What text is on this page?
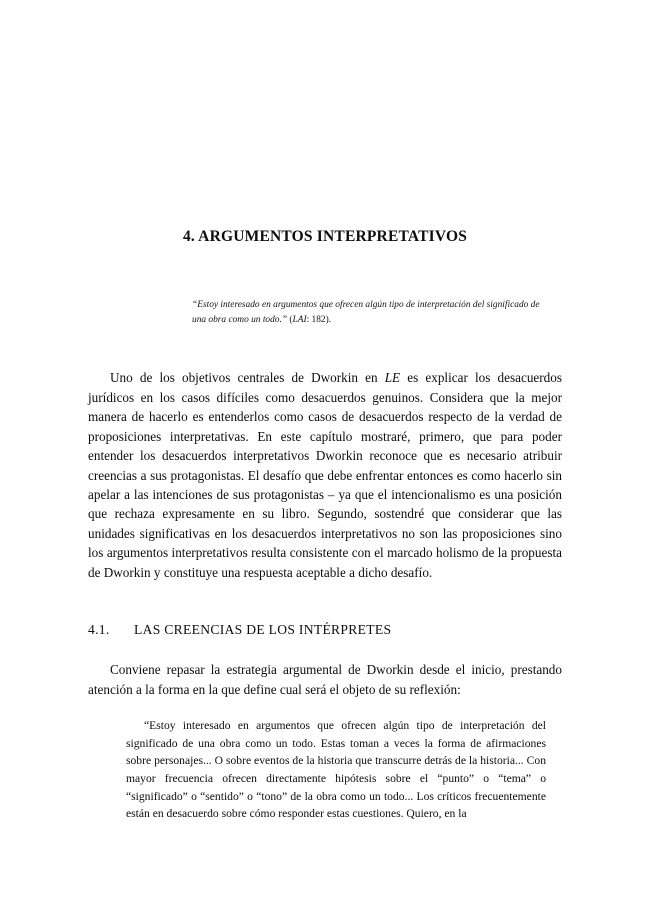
4. ARGUMENTOS INTERPRETATIVOS
“Estoy interesado en argumentos que ofrecen algún tipo de interpretación del significado de una obra como un todo.” (LAI: 182).

Uno de los objetivos centrales de Dworkin en LE es explicar los desacuerdos jurídicos en los casos difíciles como desacuerdos genuinos. Considera que la mejor manera de hacerlo es entenderlos como casos de desacuerdos respecto de la verdad de proposiciones interpretativas. En este capítulo mostraré, primero, que para poder entender los desacuerdos interpretativos Dworkin reconoce que es necesario atribuir creencias a sus protagonistas. El desafío que debe enfrentar entonces es como hacerlo sin apelar a las intenciones de sus protagonistas – ya que el intencionalismo es una posición que rechaza expresamente en su libro. Segundo, sostendré que considerar que las unidades significativas en los desacuerdos interpretativos no son las proposiciones sino los argumentos interpretativos resulta consistente con el marcado holismo de la propuesta de Dworkin y constituye una respuesta aceptable a dicho desafío.

4.1.	LAS CREENCIAS DE LOS INTÉRPRETES

Conviene repasar la estrategia argumental de Dworkin desde el inicio, prestando atención a la forma en la que define cual será el objeto de su reflexión:

“Estoy interesado en argumentos que ofrecen algún tipo de interpretación del significado de una obra como un todo. Estas toman a veces la forma de afirmaciones sobre personajes... O sobre eventos de la historia que transcurre detrás de la historia... Con mayor frecuencia ofrecen directamente hipótesis sobre el “punto” o “tema” o “significado” o “sentido” o “tono” de la obra como un todo... Los críticos frecuentemente están en desacuerdo sobre cómo responder estas cuestiones. Quiero, en la
